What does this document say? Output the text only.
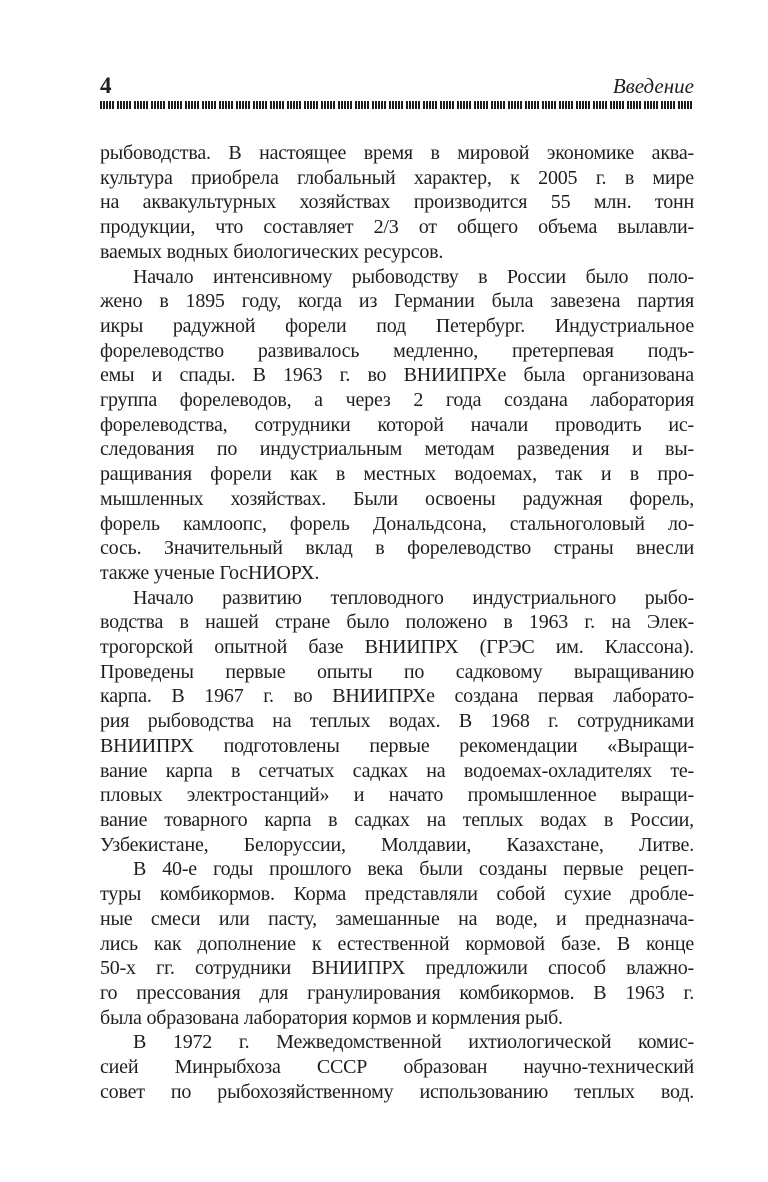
4	Введение
рыбоводства. В настоящее время в мировой экономике аква-
культура приобрела глобальный характер, к 2005 г. в мире
на аквакультурных хозяйствах производится 55 млн. тонн
продукции, что составляет 2/3 от общего объема вылавли-
ваемых водных биологических ресурсов.
Начало интенсивному рыбоводству в России было поло-
жено в 1895 году, когда из Германии была завезена партия
икры радужной форели под Петербург. Индустриальное
форелеводство развивалось медленно, претерпевая подъ-
емы и спады. В 1963 г. во ВНИИПРХе была организована
группа форелеводов, а через 2 года создана лаборатория
форелеводства, сотрудники которой начали проводить ис-
следования по индустриальным методам разведения и вы-
ращивания форели как в местных водоемах, так и в про-
мышленных хозяйствах. Были освоены радужная форель,
форель камлоопс, форель Дональдсона, стальноголовый ло-
сось. Значительный вклад в форелеводство страны внесли
также ученые ГосНИОРХ.
Начало развитию тепловодного индустриального рыбо-
водства в нашей стране было положено в 1963 г. на Элек-
трогорской опытной базе ВНИИПРХ (ГРЭС им. Классона).
Проведены первые опыты по садковому выращиванию
карпа. В 1967 г. во ВНИИПРХе создана первая лаборато-
рия рыбоводства на теплых водах. В 1968 г. сотрудниками
ВНИИПРХ подготовлены первые рекомендации «Выращи-
вание карпа в сетчатых садках на водоемах-охладителях те-
пловых электростанций» и начато промышленное выращи-
вание товарного карпа в садках на теплых водах в России,
Узбекистане, Белоруссии, Молдавии, Казахстане, Литве.
В 40-е годы прошлого века были созданы первые рецеп-
туры комбикормов. Корма представляли собой сухие дробле-
ные смеси или пасту, замешанные на воде, и предназнача-
лись как дополнение к естественной кормовой базе. В конце
50-х гг. сотрудники ВНИИПРХ предложили способ влажно-
го прессования для гранулирования комбикормов. В 1963 г.
была образована лаборатория кормов и кормления рыб.
В 1972 г. Межведомственной ихтиологической комис-
сией Минрыбхоза СССР образован научно-технический
совет по рыбохозяйственному использованию теплых вод.
